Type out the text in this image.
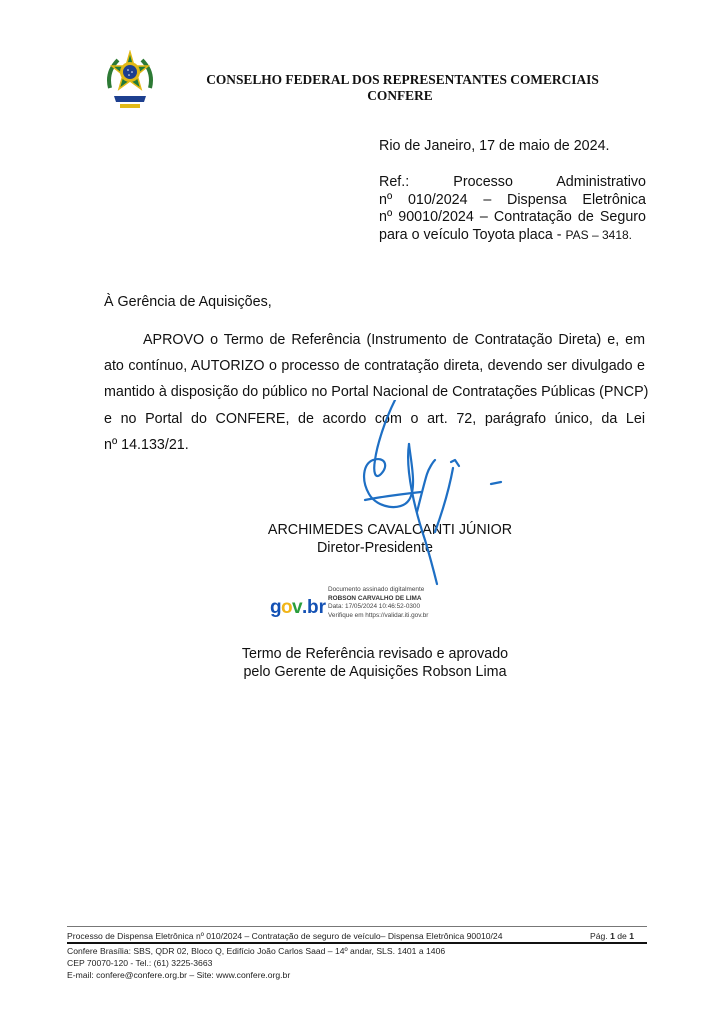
CONSELHO FEDERAL DOS REPRESENTANTES COMERCIAIS
CONFERE
Rio de Janeiro, 17 de maio de 2024.
Ref.: Processo Administrativo
nº 010/2024 – Dispensa Eletrônica
nº 90010/2024 – Contratação de Seguro
para o veículo Toyota placa - PAS – 3418.
À Gerência de Aquisições,
APROVO o Termo de Referência (Instrumento de Contratação Direta) e, em
ato contínuo, AUTORIZO o processo de contratação direta, devendo ser divulgado e
mantido à disposição do público no Portal Nacional de Contratações Públicas (PNCP)
e no Portal do CONFERE, de acordo com o art. 72, parágrafo único, da Lei
nº 14.133/21.
ARCHIMEDES CAVALCANTI JÚNIOR
Diretor-Presidente
g o v . br
Documento assinado digitalmente
ROBSON CARVALHO DE LIMA
Data: 17/05/2024 10:46:52-0300
Verifique em https://validar.iti.gov.br
Termo de Referência revisado e aprovado
pelo Gerente de Aquisições Robson Lima
Processo de Dispensa Eletrônica nº 010/2024 – Contratação de seguro de veículo– Dispensa Eletrônica 90010/24	Pág. 1 de 1
Confere Brasília: SBS, QDR 02, Bloco Q, Edifício João Carlos Saad – 14º andar, SLS. 1401 a 1406
CEP 70070-120 - Tel.: (61) 3225-3663
E-mail: confere@confere.org.br – Site: www.confere.org.br
